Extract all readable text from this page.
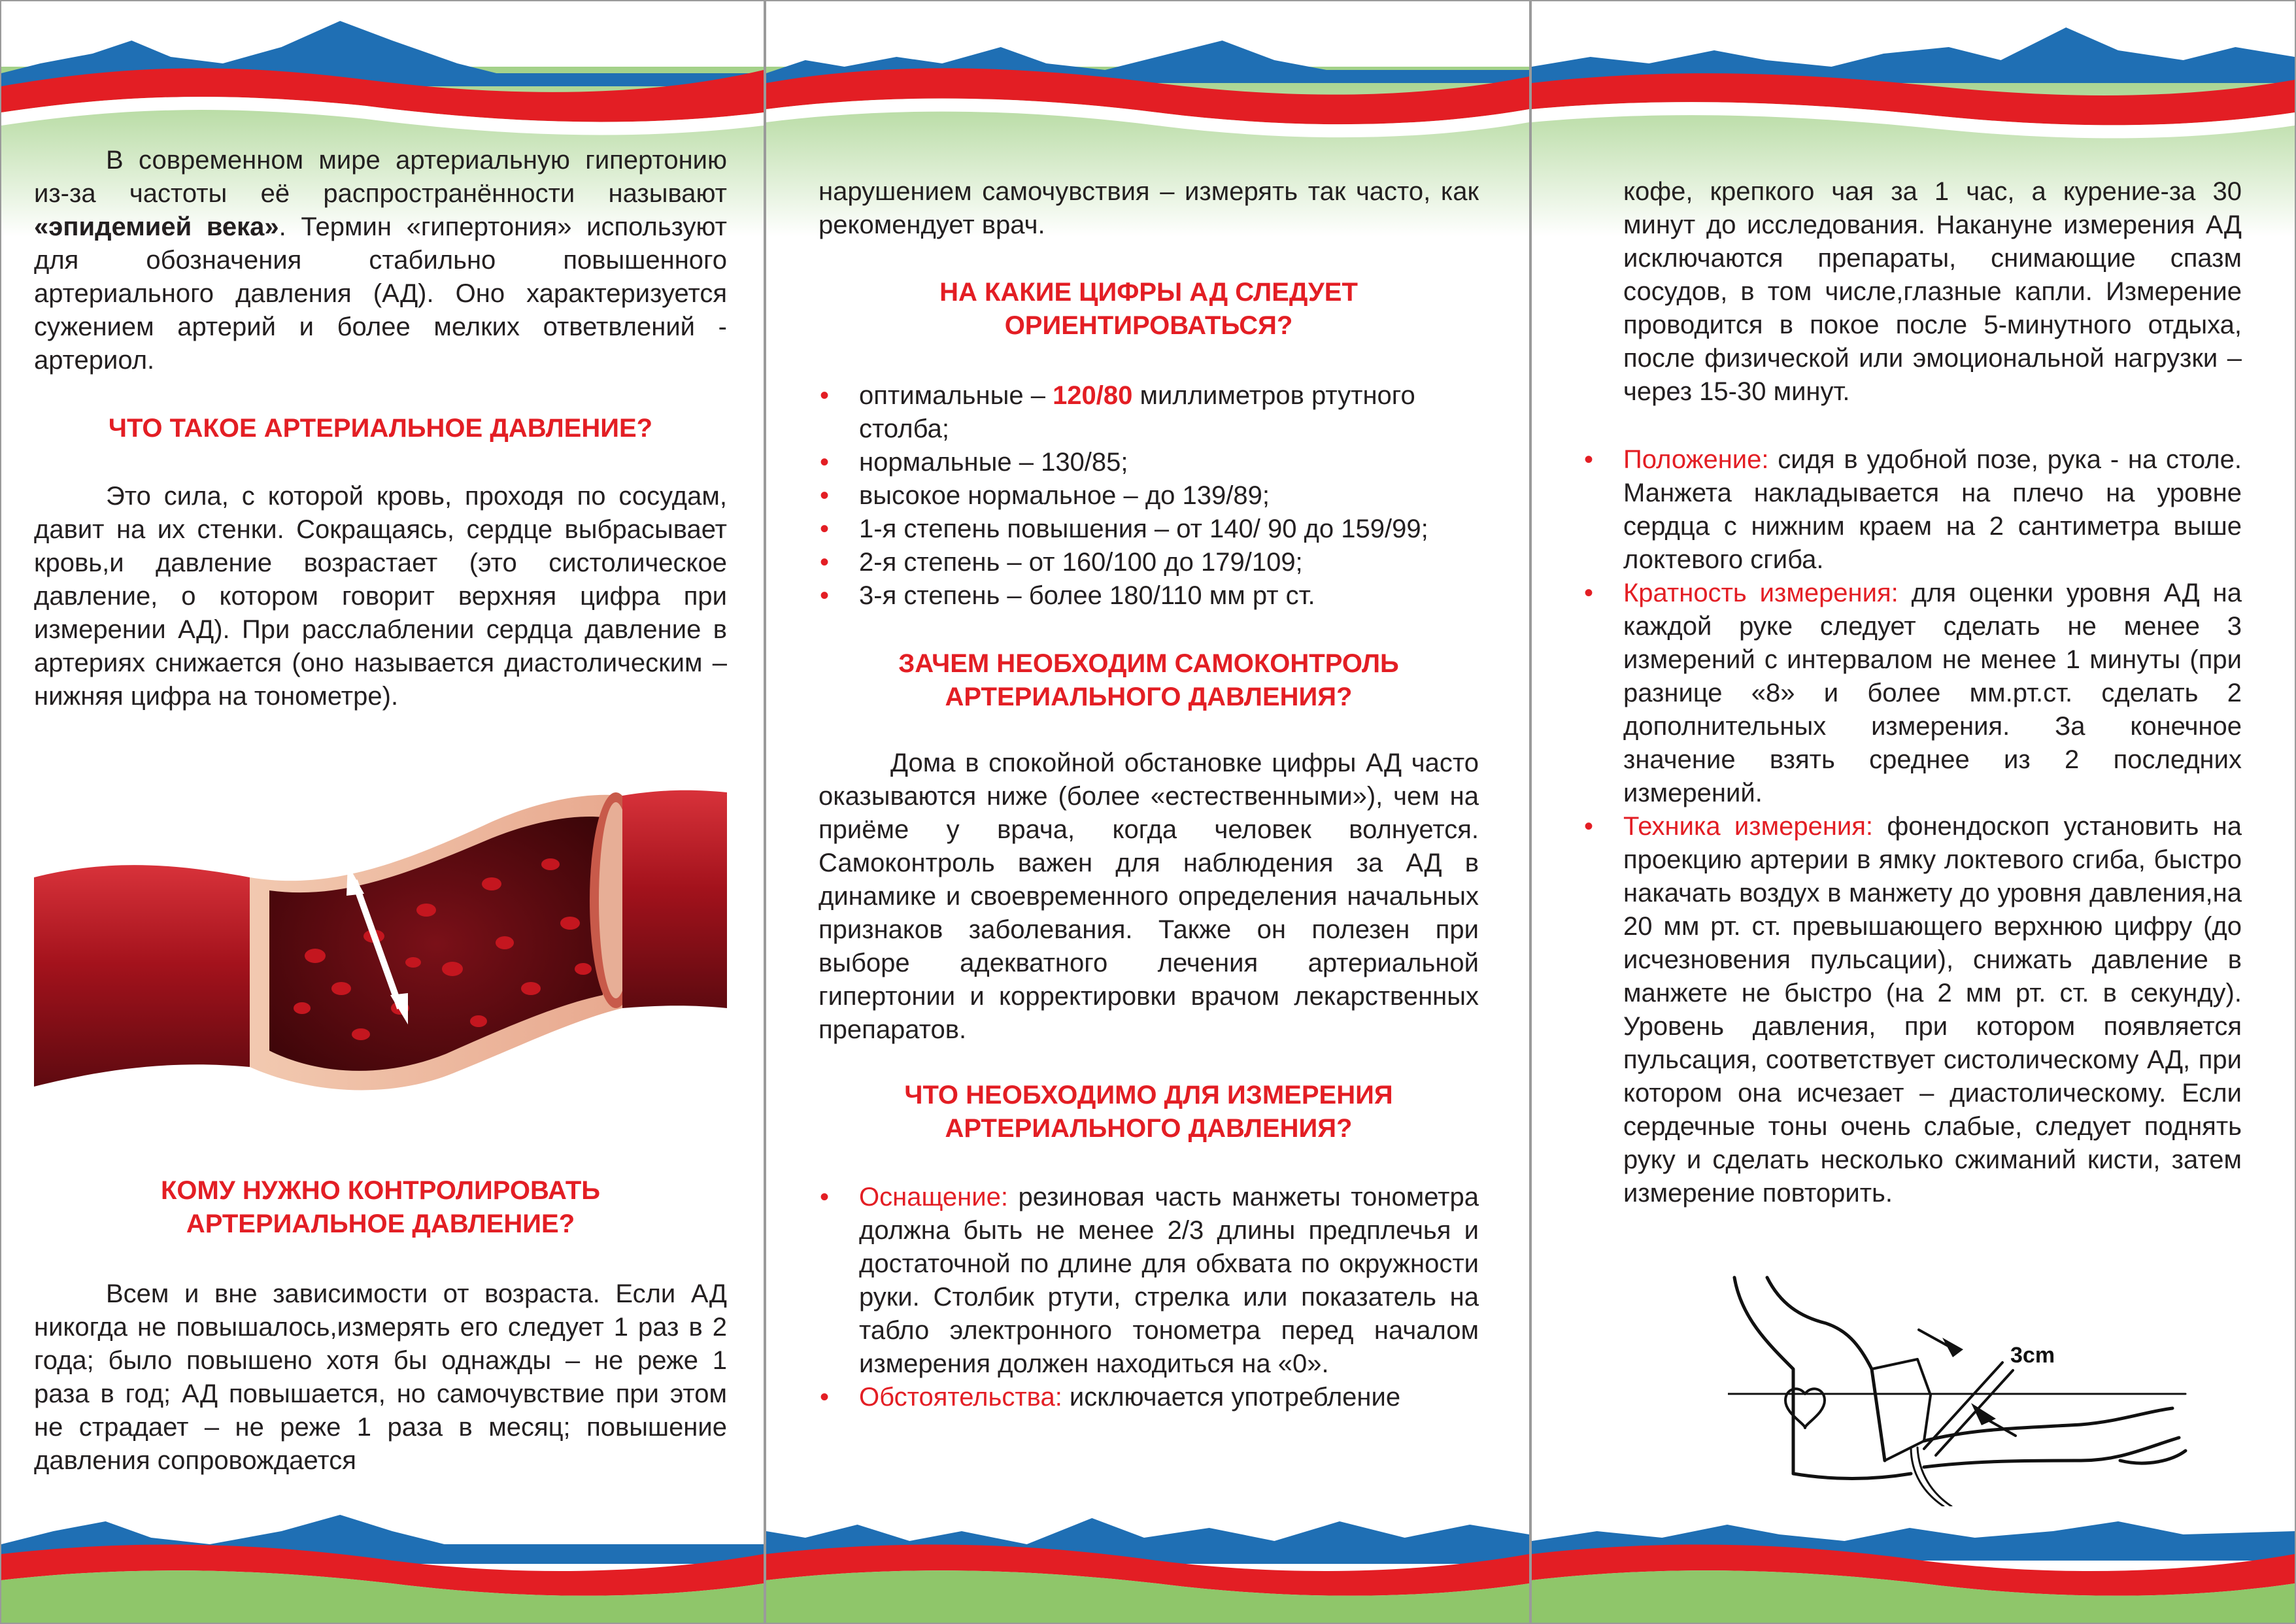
В современном мире артериальную гипертонию из-за частоты её распространённости называют «эпидемией века». Термин «гипертония» используют для обозначения стабильно повышенного артериального давления (АД). Оно характеризуется сужением артерий и более мелких ответвлений - артериол.

ЧТО ТАКОЕ АРТЕРИАЛЬНОЕ ДАВЛЕНИЕ?

Это сила, с которой кровь, проходя по сосудам, давит на их стенки. Сокращаясь, сердце выбрасывает кровь,и давление возрастает (это систолическое давление, о котором говорит верхняя цифра при измерении АД). При расслаблении сердца давление в артериях снижается (оно называется диастолическим – нижняя цифра на тонометре).

КОМУ НУЖНО КОНТРОЛИРОВАТЬ
АРТЕРИАЛЬНОЕ ДАВЛЕНИЕ?

Всем и вне зависимости от возраста. Если АД никогда не повышалось,измерять его следует 1 раз в 2 года; было повышено хотя бы однажды – не реже 1 раза в год; АД повышается, но самочувствие при этом не страдает – не реже 1 раза в месяц; повышение давления сопровождается

нарушением самочувствия – измерять так часто, как рекомендует врач.

НА КАКИЕ ЦИФРЫ АД СЛЕДУЕТ
ОРИЕНТИРОВАТЬСЯ?
• оптимальные – 120/80 миллиметров ртутного столба;
• нормальные – 130/85;
• высокое нормальное – до 139/89;
• 1-я степень повышения – от 140/ 90 до 159/99;
• 2-я степень – от 160/100 до 179/109;
• 3-я степень – более 180/110 мм рт ст.
ЗАЧЕМ НЕОБХОДИМ САМОКОНТРОЛЬ
АРТЕРИАЛЬНОГО ДАВЛЕНИЯ?

Дома в спокойной обстановке цифры АД часто оказываются ниже (более «естественными»), чем на приёме у врача, когда человек волнуется. Самоконтроль важен для наблюдения за АД в динамике и своевременного определения начальных признаков заболевания. Также он полезен при выборе адекватного лечения артериальной гипертонии и корректировки врачом лекарственных препаратов.

ЧТО НЕОБХОДИМО ДЛЯ ИЗМЕРЕНИЯ
АРТЕРИАЛЬНОГО ДАВЛЕНИЯ?
• Оснащение: резиновая часть манжеты тонометра должна быть не менее 2/3 длины предплечья и достаточной по длине для обхвата по окружности руки. Столбик ртути, стрелка или показатель на табло электронного тонометра перед началом измерения должен находиться на «0».
• Обстоятельства: исключается употребление

кофе, крепкого чая за 1 час, а курение-за 30 минут до исследования. Накануне измерения АД исключаются препараты, снимающие спазм сосудов, в том числе,глазные капли. Измерение проводится в покое после 5-минутного отдыха, после физической или эмоциональной нагрузки – через 15-30 минут.

• Положение: сидя в удобной позе, рука - на столе. Манжета накладывается на плечо на уровне сердца с нижним краем на 2 сантиметра выше локтевого сгиба.
• Кратность измерения: для оценки уровня АД на каждой руке следует сделать не менее 3 измерений с интервалом не менее 1 минуты (при разнице «8» и более мм.рт.ст. сделать 2 дополнительных измерения. За конечное значение взять среднее из 2 последних измерений.
• Техника измерения: фонендоскоп установить на проекцию артерии в ямку локтевого сгиба, быстро накачать воздух в манжету до уровня давления,на 20 мм рт. ст. превышающего верхнюю цифру (до исчезновения пульсации), снижать давление в манжете не быстро (на 2 мм рт. ст. в секунду). Уровень давления, при котором появляется пульсация, соответствует систолическому АД, при котором она исчезает – диастолическому. Если сердечные тоны очень слабые, следует поднять руку и сделать несколько сжиманий кисти, затем измерение повторить.
3cm
